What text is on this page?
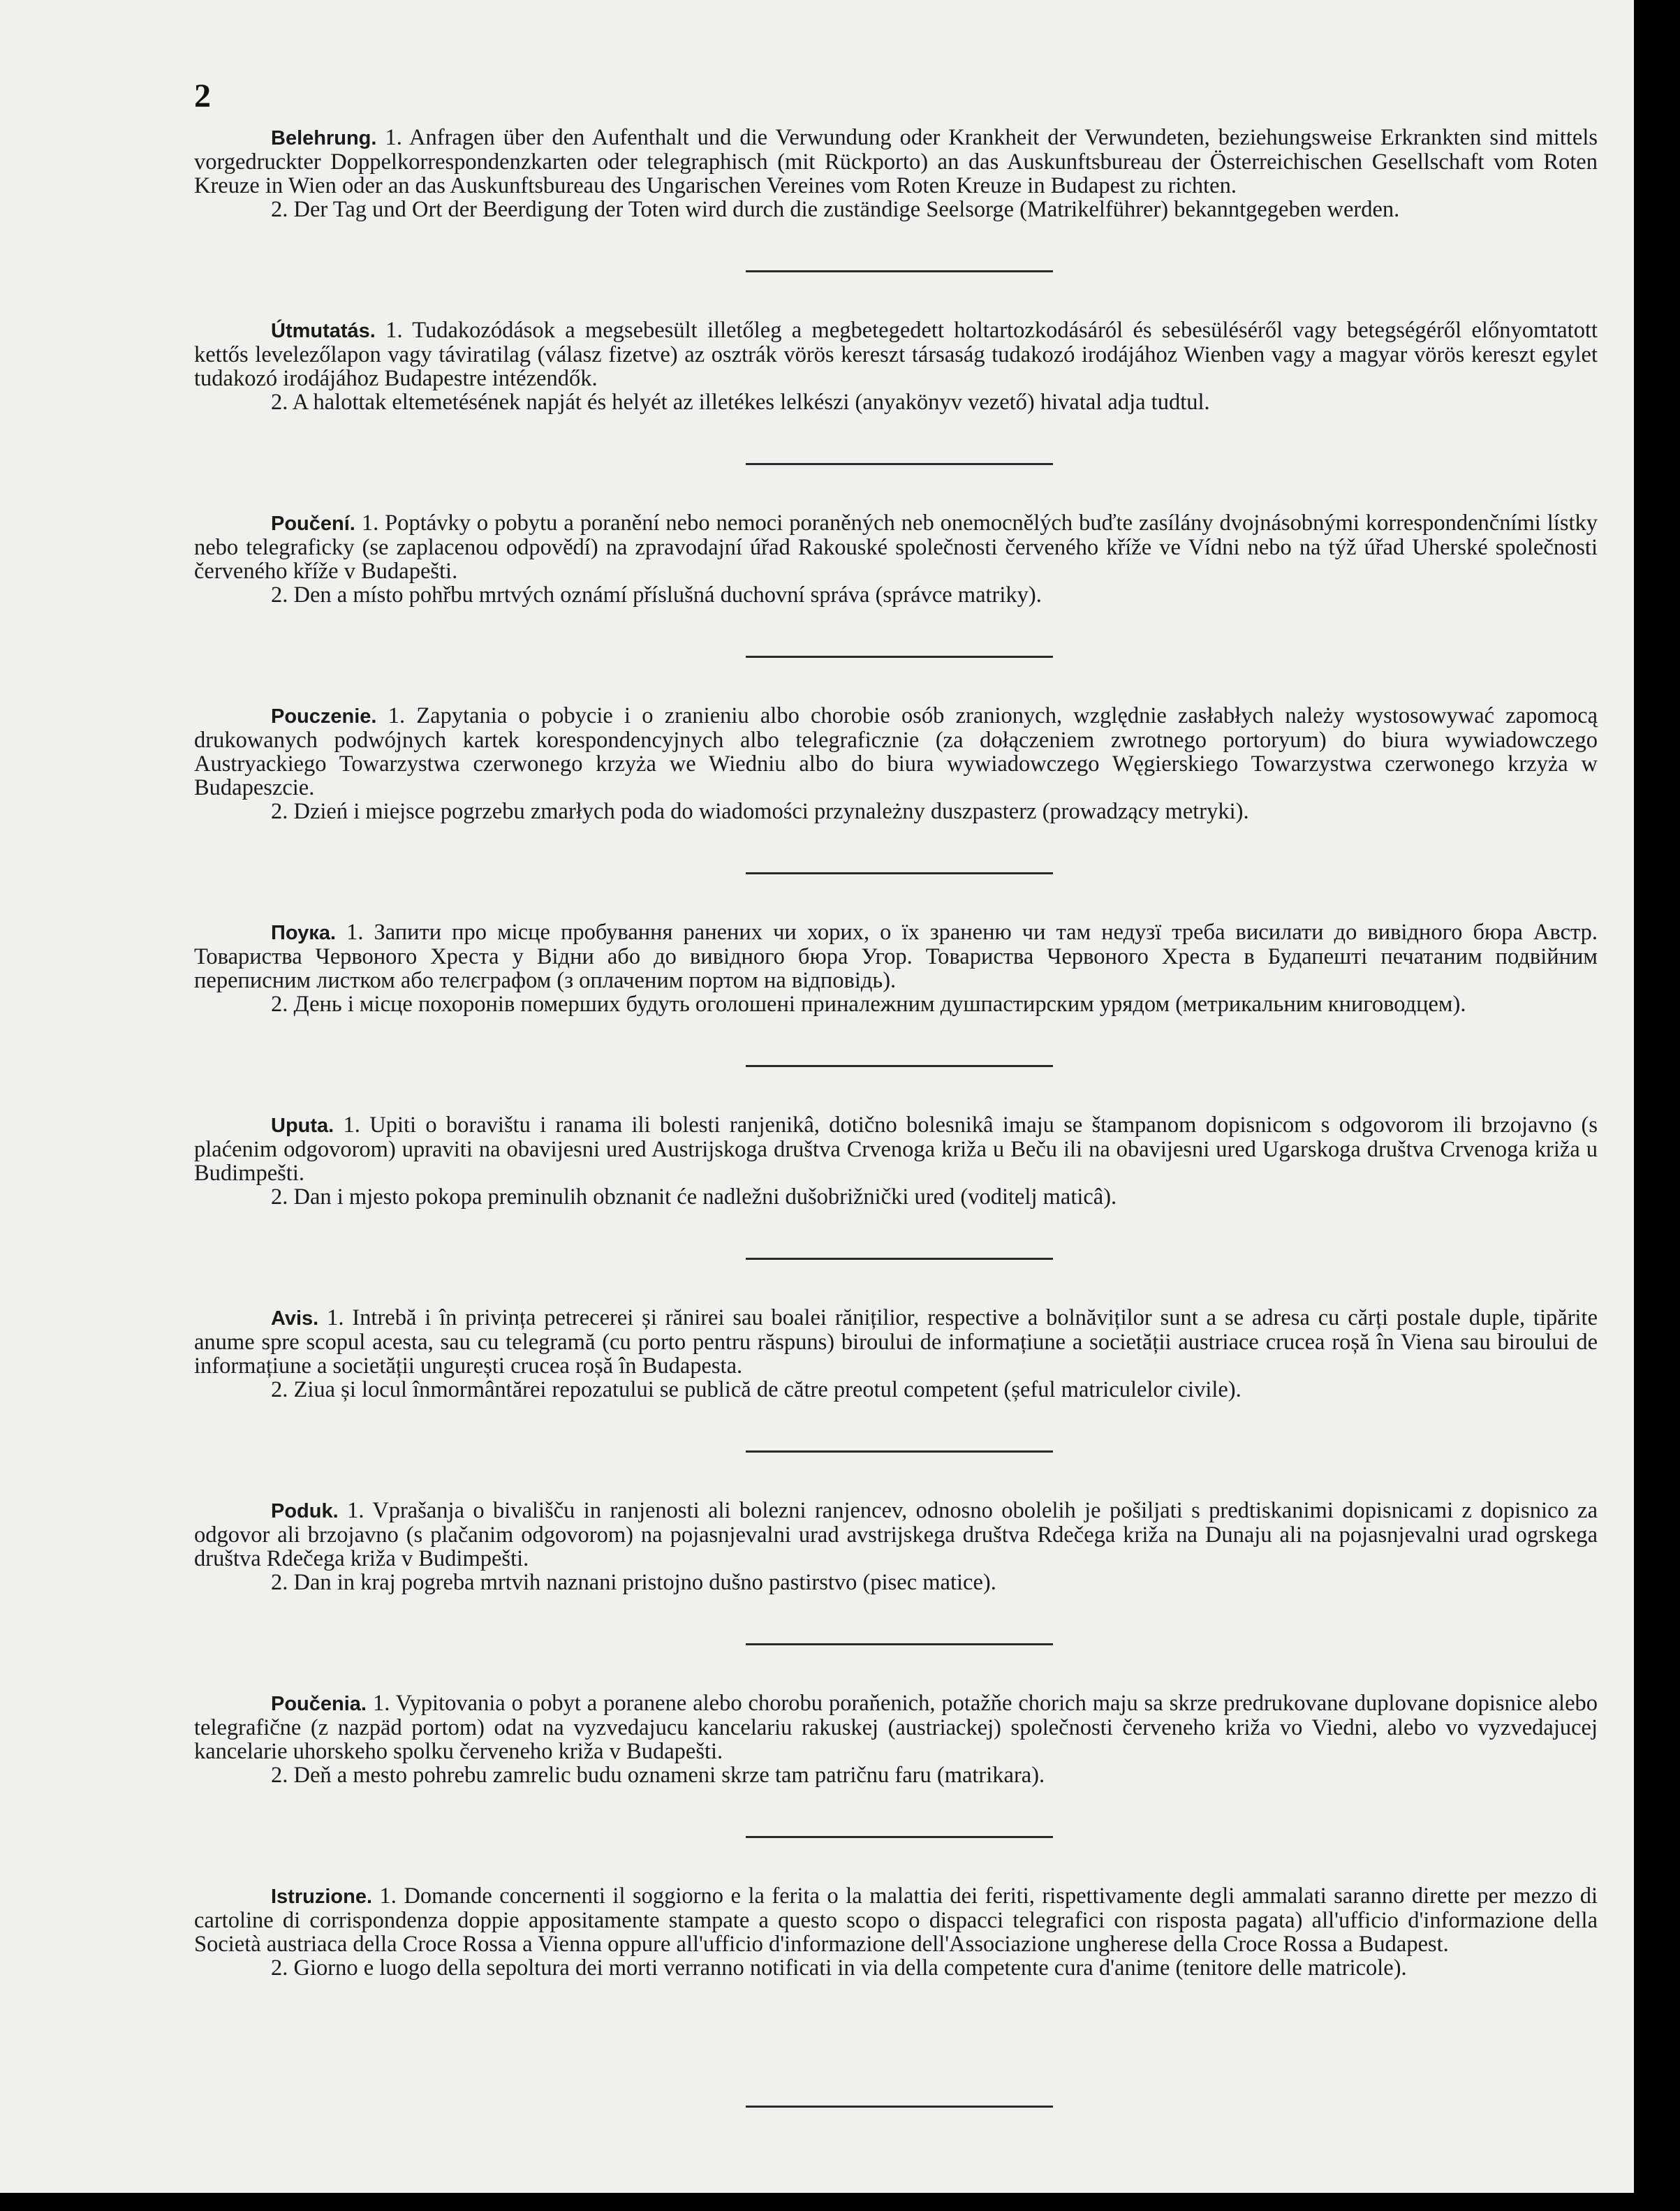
2

Belehrung. 1. Anfragen über den Aufenthalt und die Verwundung oder Krankheit der Verwundeten, beziehungsweise Erkrankten sind mittels vorgedruckter Doppelkorrespondenzkarten oder telegraphisch (mit Rückporto) an das Auskunftsbureau der Österreichischen Gesellschaft vom Roten Kreuze in Wien oder an das Auskunftsbureau des Ungarischen Vereines vom Roten Kreuze in Budapest zu richten.

2. Der Tag und Ort der Beerdigung der Toten wird durch die zuständige Seelsorge (Matrikelführer) bekanntgegeben werden.

Útmutatás. 1. Tudakozódások a megsebesült illetőleg a megbetegedett holtartozkodásáról és sebesüléséről vagy betegségéről előnyomtatott kettős levelezőlapon vagy táviratilag (válasz fizetve) az osztrák vörös kereszt társaság tudakozó irodájához Wienben vagy a magyar vörös kereszt egylet tudakozó irodájához Budapestre intézendők.

2. A halottak eltemetésének napját és helyét az illetékes lelkészi (anyakönyv vezető) hivatal adja tudtul.

Poučení. 1. Poptávky o pobytu a poranění nebo nemoci poraněných neb onemocnělých buďte zasílány dvojnásobnými korrespondenčními lístky nebo telegraficky (se zaplacenou odpovědí) na zpravodajní úřad Rakouské společnosti červeného kříže ve Vídni nebo na týž úřad Uherské společnosti červeného kříže v Budapešti.

2. Den a místo pohřbu mrtvých oznámí příslušná duchovní správa (správce matriky).

Pouczenie. 1. Zapytania o pobycie i o zranieniu albo chorobie osób zranionych, względnie zasłabłych należy wystosowywać zapomocą drukowanych podwójnych kartek korespondencyjnych albo telegraficznie (za dołączeniem zwrotnego portoryum) do biura wywiadowczego Austryackiego Towarzystwa czerwonego krzyża we Wiedniu albo do biura wywiadowczego Węgierskiego Towarzystwa czerwonego krzyża w Budapeszcie.

2. Dzień i miejsce pogrzebu zmarłych poda do wiadomości przynależny duszpasterz (prowadzący metryki).

Поука. 1. Запити про місце пробування ранених чи хорих, о їх зраненю чи там недузї треба висилати до вивідного бюра Австр. Товариства Червоного Хреста у Відни або до вивідного бюра Угор. Товариства Червоного Хреста в Будапешті печатаним подвійним переписним листком або телєграфом (з оплаченим портом на відповідь).

2. День і місце похоронів померших будуть оголошені приналежним душпастирским урядом (метрикальним книговодцем).

Uputa. 1. Upiti o boravištu i ranama ili bolesti ranjenikâ, dotično bolesnikâ imaju se štampanom dopisnicom s odgovorom ili brzojavno (s plaćenim odgovorom) upraviti na obavijesni ured Austrijskoga društva Crvenoga križa u Beču ili na obavijesni ured Ugarskoga društva Crvenoga križa u Budimpešti.

2. Dan i mjesto pokopa preminulih obznanit će nadležni dušobrižnički ured (voditelj maticâ).

Avis. 1. Intrebă i în privința petrecerei și rănirei sau boalei rănițilior, respective a bolnăviților sunt a se adresa cu cărți postale duple, tipărite anume spre scopul acesta, sau cu telegramă (cu porto pentru răspuns) biroului de informațiune a societății austriace crucea roșă în Viena sau biroului de informațiune a societății ungurești crucea roșă în Budapesta.

2. Ziua și locul înmormântărei repozatului se publică de către preotul competent (șeful matriculelor civile).

Poduk. 1. Vprašanja o bivališču in ranjenosti ali bolezni ranjencev, odnosno obolelih je pošiljati s predtiskanimi dopisnicami z dopisnico za odgovor ali brzojavno (s plačanim odgovorom) na pojasnjevalni urad avstrijskega društva Rdečega križa na Dunaju ali na pojasnjevalni urad ogrskega društva Rdečega križa v Budimpešti.

2. Dan in kraj pogreba mrtvih naznani pristojno dušno pastirstvo (pisec matice).

Poučenia. 1. Vypitovania o pobyt a poranene alebo chorobu poraňenich, potažňe chorich maju sa skrze predrukovane duplovane dopisnice alebo telegrafične (z nazpäd portom) odat na vyzvedajucu kancelariu rakuskej (austriackej) společnosti červeneho križa vo Viedni, alebo vo vyzvedajucej kancelarie uhorskeho spolku červeneho križa v Budapešti.

2. Deň a mesto pohrebu zamrelic budu oznameni skrze tam patričnu faru (matrikara).

Istruzione. 1. Domande concernenti il soggiorno e la ferita o la malattia dei feriti, rispettivamente degli ammalati saranno dirette per mezzo di cartoline di corrispondenza doppie appositamente stampate a questo scopo o dispacci telegrafici con risposta pagata) all'ufficio d'informazione della Società austriaca della Croce Rossa a Vienna oppure all'ufficio d'informazione dell'Associazione ungherese della Croce Rossa a Budapest.

2. Giorno e luogo della sepoltura dei morti verranno notificati in via della competente cura d'anime (tenitore delle matricole).
